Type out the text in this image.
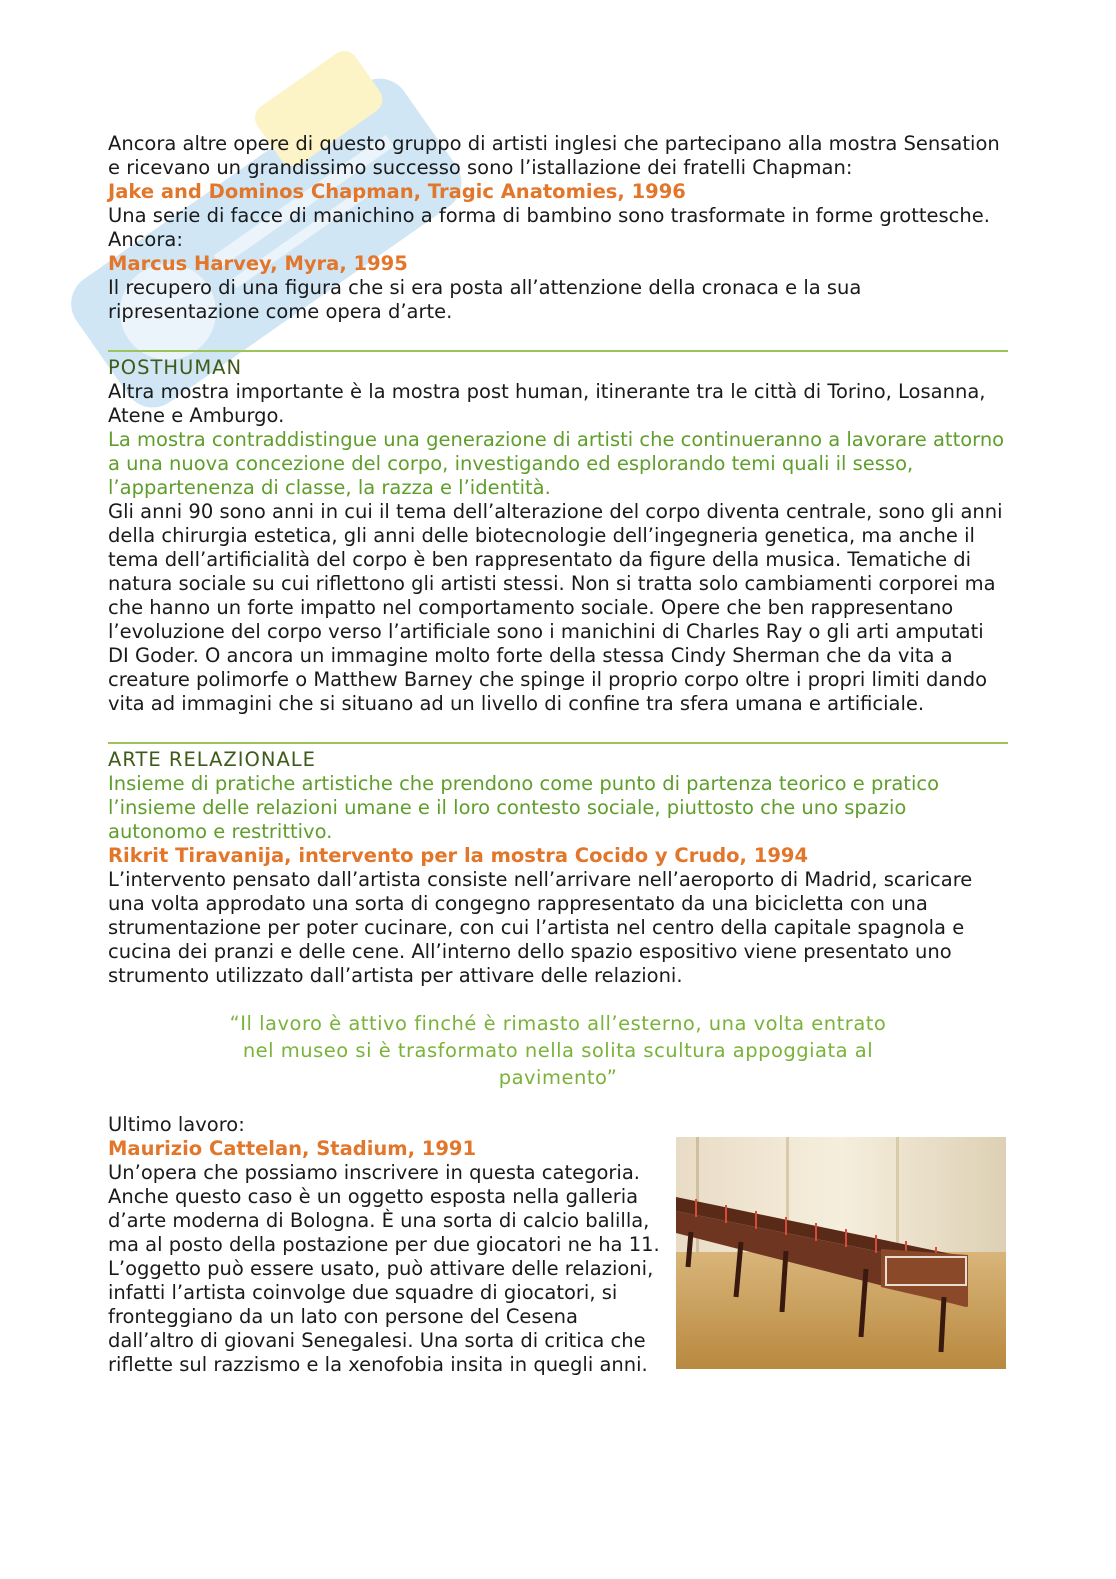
Ancora altre opere di questo gruppo di artisti inglesi che partecipano alla mostra Sensation e ricevano un grandissimo successo sono l’istallazione dei fratelli Chapman:

Jake and Dominos Chapman, Tragic Anatomies, 1996

Una serie di facce di manichino a forma di bambino sono trasformate in forme grottesche.

Ancora:

Marcus Harvey, Myra, 1995

Il recupero di una figura che si era posta all’attenzione della cronaca e la sua ripresentazione come opera d’arte.

POSTHUMAN

Altra mostra importante è la mostra post human, itinerante tra le città di Torino, Losanna, Atene e Amburgo.

La mostra contraddistingue una generazione di artisti che continueranno a lavorare attorno a una nuova concezione del corpo, investigando ed esplorando temi quali il sesso, l’appartenenza di classe, la razza e l’identità.

Gli anni 90 sono anni in cui il tema dell’alterazione del corpo diventa centrale, sono gli anni della chirurgia estetica, gli anni delle biotecnologie dell’ingegneria genetica, ma anche il tema dell’artificialità del corpo è ben rappresentato da figure della musica. Tematiche di natura sociale su cui riflettono gli artisti stessi. Non si tratta solo cambiamenti corporei ma che hanno un forte impatto nel comportamento sociale. Opere che ben rappresentano l’evoluzione del corpo verso l’artificiale sono i manichini di Charles Ray o gli arti amputati DI Goder. O ancora un immagine molto forte della stessa Cindy Sherman che da vita a creature polimorfe o Matthew Barney che spinge il proprio corpo oltre i propri limiti dando vita ad immagini che si situano ad un livello di confine tra sfera umana e artificiale.

ARTE RELAZIONALE

Insieme di pratiche artistiche che prendono come punto di partenza teorico e pratico l’insieme delle relazioni umane e il loro contesto sociale, piuttosto che uno spazio autonomo e restrittivo.

Rikrit Tiravanija, intervento per la mostra Cocido y Crudo, 1994

L’intervento pensato dall’artista consiste nell’arrivare nell’aeroporto di Madrid, scaricare una volta approdato una sorta di congegno rappresentato da una bicicletta con una strumentazione per poter cucinare, con cui l’artista nel centro della capitale spagnola e cucina dei pranzi e delle cene. All’interno dello spazio espositivo viene presentato uno strumento utilizzato dall’artista per attivare delle relazioni.

“Il lavoro è attivo finché è rimasto all’esterno, una volta entrato nel museo si è trasformato nella solita scultura appoggiata al pavimento”

Ultimo lavoro:

Maurizio Cattelan, Stadium, 1991

Un’opera che possiamo inscrivere in questa categoria. Anche questo caso è un oggetto esposta nella galleria d’arte moderna di Bologna. È una sorta di calcio balilla, ma al posto della postazione per due giocatori ne ha 11. L’oggetto può essere usato, può attivare delle relazioni, infatti l’artista coinvolge due squadre di giocatori, si fronteggiano da un lato con persone del Cesena dall’altro di giovani Senegalesi. Una sorta di critica che riflette sul razzismo e la xenofobia insita in quegli anni.
